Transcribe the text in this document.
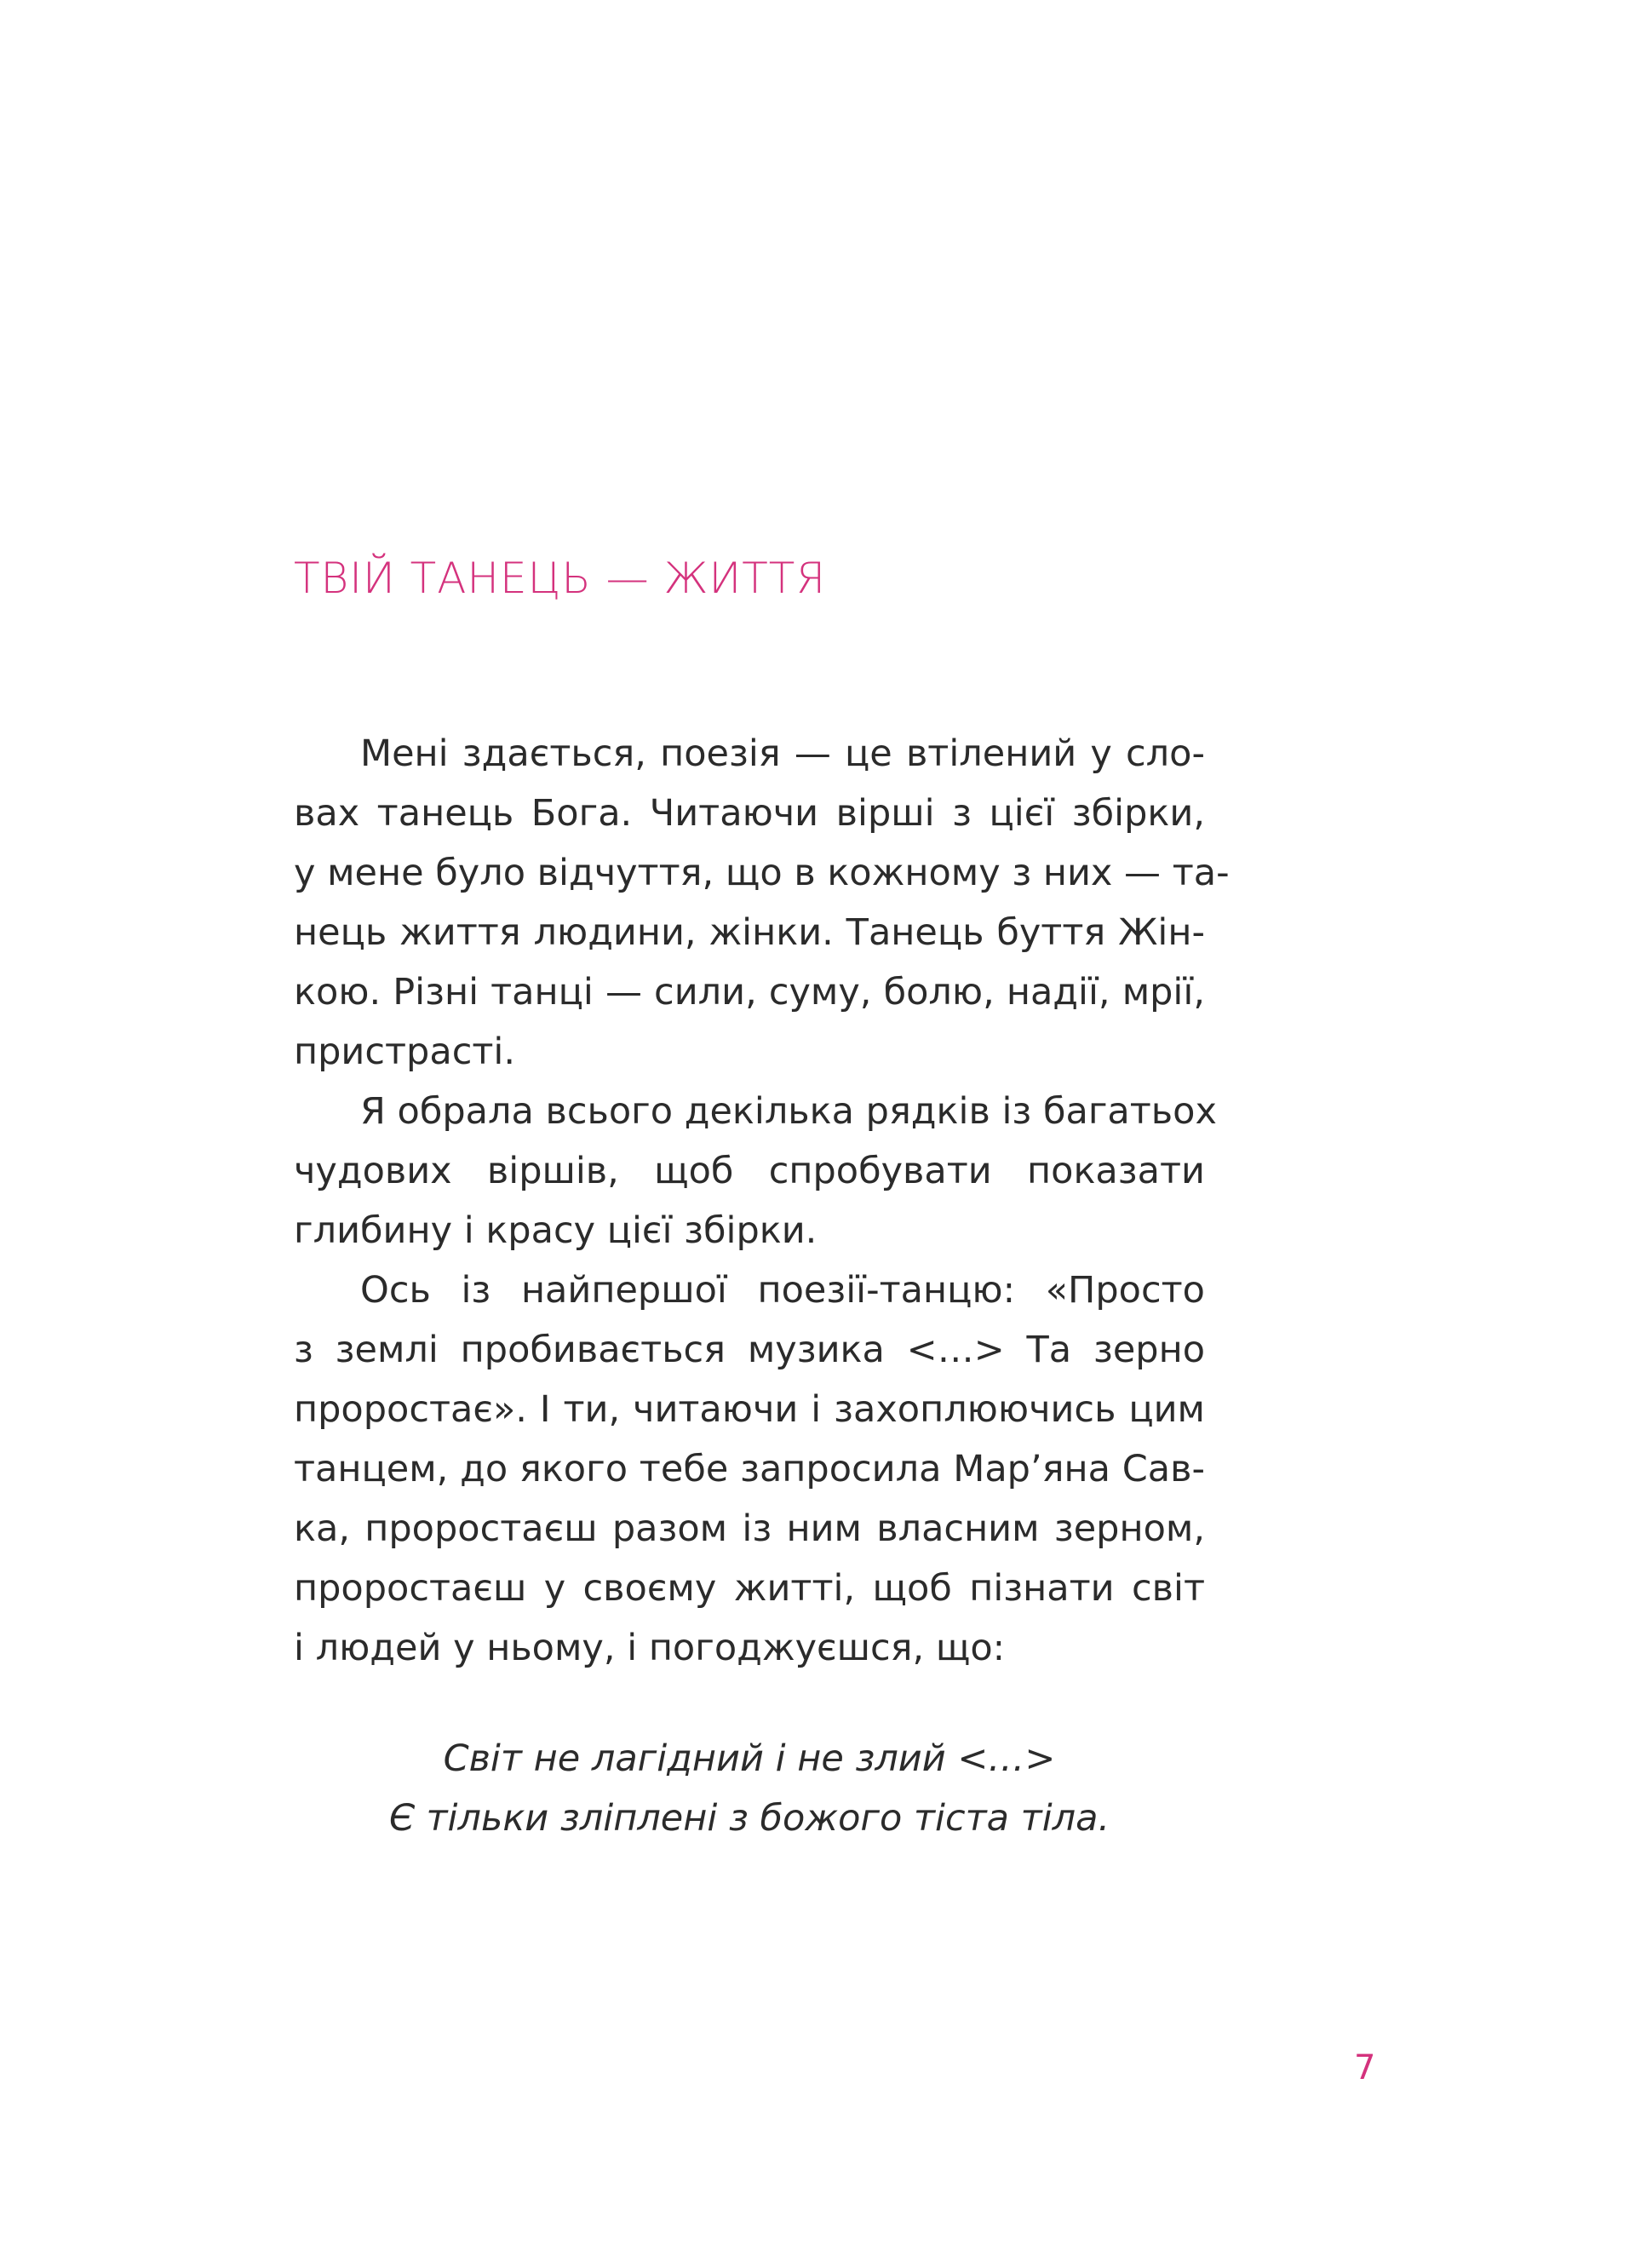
ТВІЙ ТАНЕЦЬ — ЖИТТЯ
Мені здається, поезія — це втілений у сло-
вах танець Бога. Читаючи вірші з цієї збірки,
у мене було відчуття, що в кожному з них — та-
нець життя людини, жінки. Танець буття Жін-
кою. Різні танці — сили, суму, болю, надії, мрії,
пристрасті.
Я обрала всього декілька рядків із багатьох
чудових віршів, щоб спробувати показати
глибину і красу цієї збірки.
Ось із найпершої поезії-танцю: «Просто
з землі пробивається музика <…> Та зерно
проростає». І ти, читаючи і захоплюючись цим
танцем, до якого тебе запросила Мар’яна Сав-
ка, проростаєш разом із ним власним зерном,
проростаєш у своєму житті, щоб пізнати світ
і людей у ньому, і погоджуєшся, що:
Світ не лагідний і не злий <…>
Є тільки зліплені з божого тіста тіла.
7
